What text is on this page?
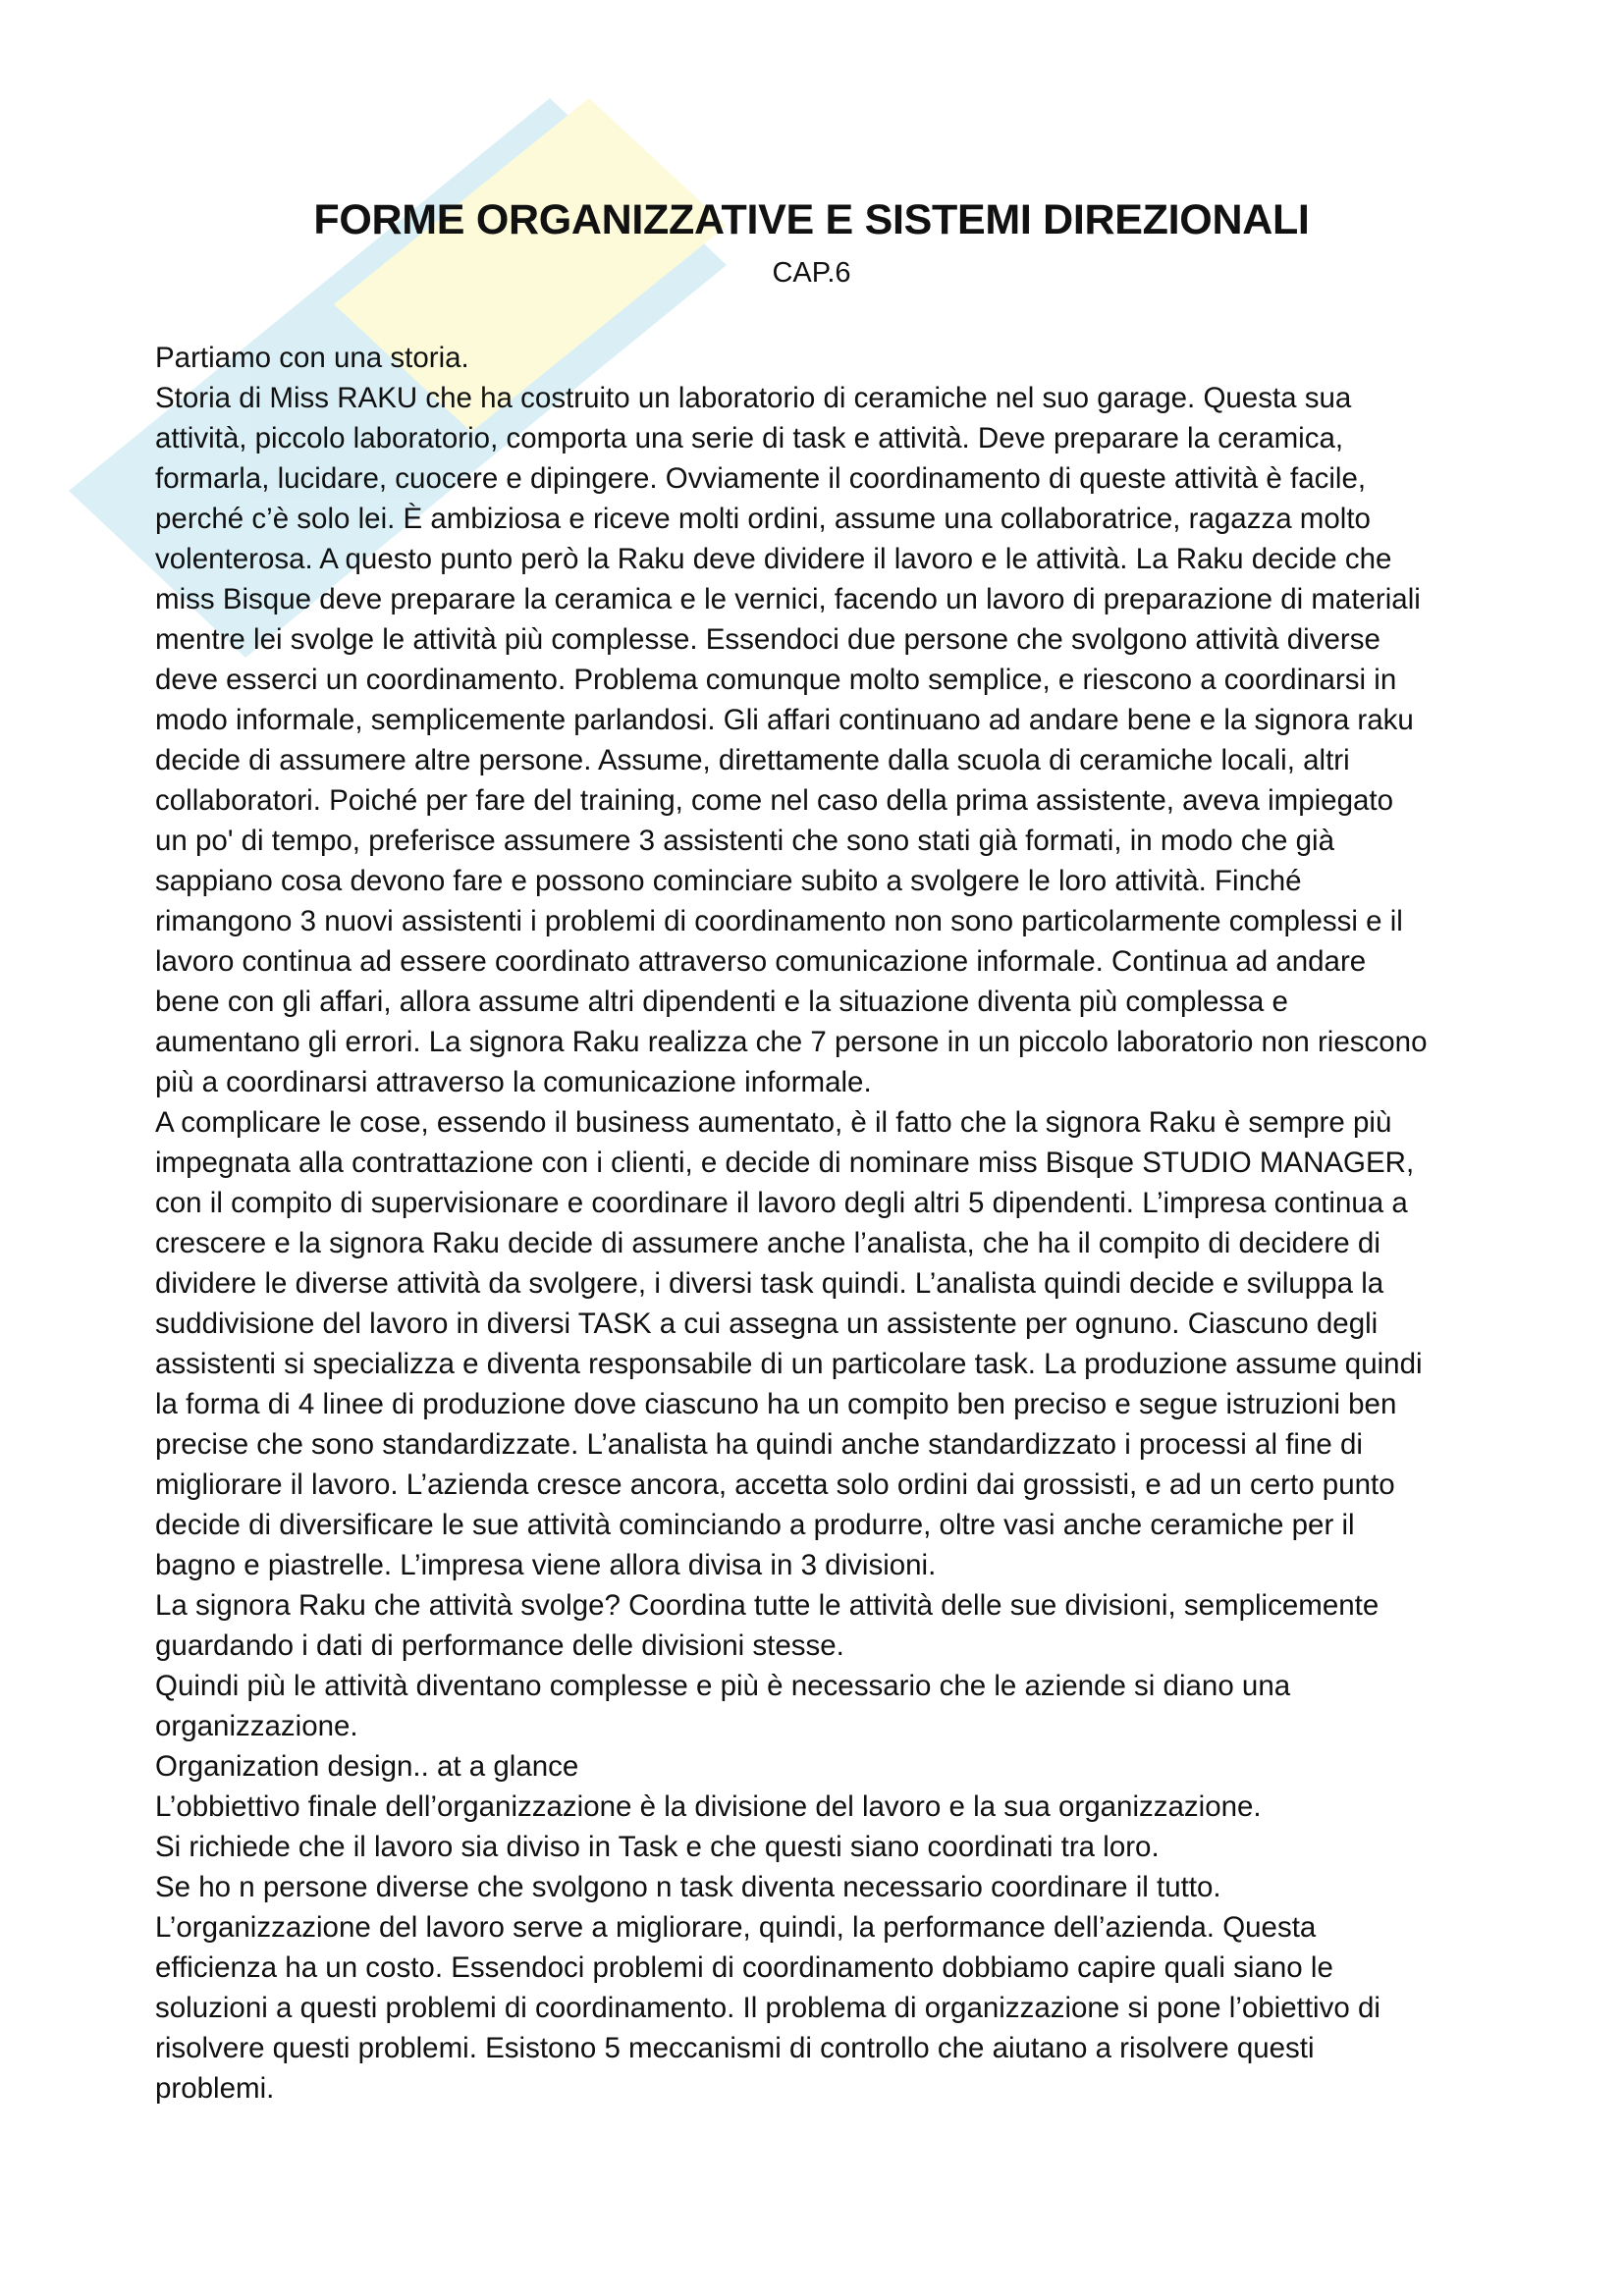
FORME ORGANIZZATIVE E SISTEMI DIREZIONALI

CAP.6

Partiamo con una storia.
Storia di Miss RAKU che ha costruito un laboratorio di ceramiche nel suo garage. Questa sua
attività, piccolo laboratorio, comporta una serie di task e attività. Deve preparare la ceramica,
formarla, lucidare, cuocere e dipingere. Ovviamente il coordinamento di queste attività è facile,
perché c’è solo lei. È ambiziosa e riceve molti ordini, assume una collaboratrice, ragazza molto
volenterosa. A questo punto però la Raku deve dividere il lavoro e le attività. La Raku decide che
miss Bisque deve preparare la ceramica e le vernici, facendo un lavoro di preparazione di materiali
mentre lei svolge le attività più complesse. Essendoci due persone che svolgono attività diverse
deve esserci un coordinamento. Problema comunque molto semplice, e riescono a coordinarsi in
modo informale, semplicemente parlandosi. Gli affari continuano ad andare bene e la signora raku
decide di assumere altre persone. Assume, direttamente dalla scuola di ceramiche locali, altri
collaboratori. Poiché per fare del training, come nel caso della prima assistente, aveva impiegato
un po' di tempo, preferisce assumere 3 assistenti che sono stati già formati, in modo che già
sappiano cosa devono fare e possono cominciare subito a svolgere le loro attività. Finché
rimangono 3 nuovi assistenti i problemi di coordinamento non sono particolarmente complessi e il
lavoro continua ad essere coordinato attraverso comunicazione informale. Continua ad andare
bene con gli affari, allora assume altri dipendenti e la situazione diventa più complessa e
aumentano gli errori. La signora Raku realizza che 7 persone in un piccolo laboratorio non riescono
più a coordinarsi attraverso la comunicazione informale.
A complicare le cose, essendo il business aumentato, è il fatto che la signora Raku è sempre più
impegnata alla contrattazione con i clienti, e decide di nominare miss Bisque STUDIO MANAGER,
con il compito di supervisionare e coordinare il lavoro degli altri 5 dipendenti. L’impresa continua a
crescere e la signora Raku decide di assumere anche l’analista, che ha il compito di decidere di
dividere le diverse attività da svolgere, i diversi task quindi. L’analista quindi decide e sviluppa la
suddivisione del lavoro in diversi TASK a cui assegna un assistente per ognuno. Ciascuno degli
assistenti si specializza e diventa responsabile di un particolare task. La produzione assume quindi
la forma di 4 linee di produzione dove ciascuno ha un compito ben preciso e segue istruzioni ben
precise che sono standardizzate. L’analista ha quindi anche standardizzato i processi al fine di
migliorare il lavoro. L’azienda cresce ancora, accetta solo ordini dai grossisti, e ad un certo punto
decide di diversificare le sue attività cominciando a produrre, oltre vasi anche ceramiche per il
bagno e piastrelle. L’impresa viene allora divisa in 3 divisioni.
La signora Raku che attività svolge? Coordina tutte le attività delle sue divisioni, semplicemente
guardando i dati di performance delle divisioni stesse.
Quindi più le attività diventano complesse e più è necessario che le aziende si diano una
organizzazione.
Organization design.. at a glance
L’obbiettivo finale dell’organizzazione è la divisione del lavoro e la sua organizzazione.
Si richiede che il lavoro sia diviso in Task e che questi siano coordinati tra loro.
Se ho n persone diverse che svolgono n task diventa necessario coordinare il tutto.
L’organizzazione del lavoro serve a migliorare, quindi, la performance dell’azienda. Questa
efficienza ha un costo. Essendoci problemi di coordinamento dobbiamo capire quali siano le
soluzioni a questi problemi di coordinamento. Il problema di organizzazione si pone l’obiettivo di
risolvere questi problemi. Esistono 5 meccanismi di controllo che aiutano a risolvere questi
problemi.
